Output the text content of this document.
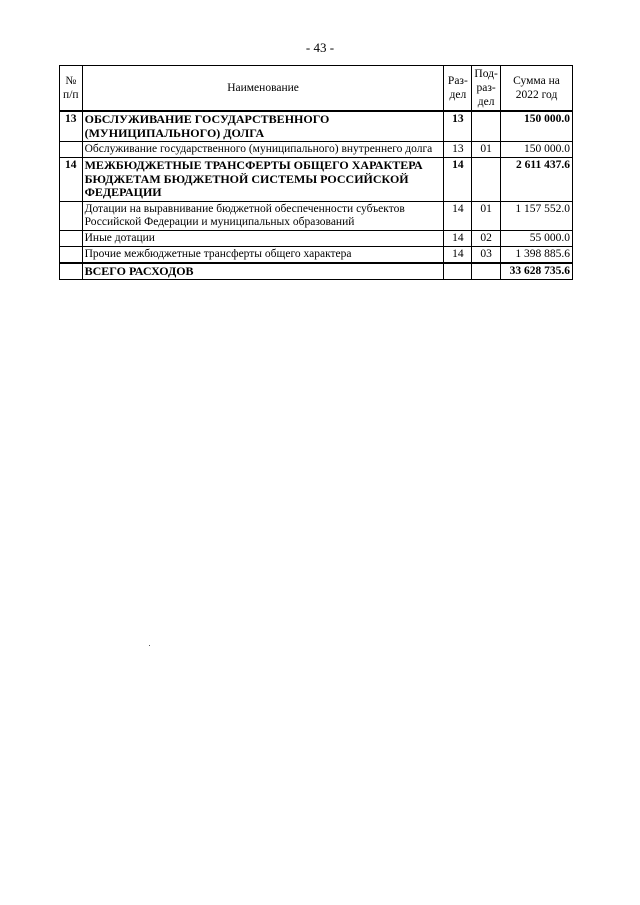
- 43 -
№ п/п	Наименование	Раз-дел	Под-раз-дел	Сумма на 2022 год
13	ОБСЛУЖИВАНИЕ ГОСУДАРСТВЕННОГО (МУНИЦИПАЛЬНОГО) ДОЛГА	13		150 000.0
	Обслуживание государственного (муниципального) внутреннего долга	13	01	150 000.0
14	МЕЖБЮДЖЕТНЫЕ ТРАНСФЕРТЫ ОБЩЕГО ХАРАКТЕРА БЮДЖЕТАМ БЮДЖЕТНОЙ СИСТЕМЫ РОССИЙСКОЙ ФЕДЕРАЦИИ	14		2 611 437.6
	Дотации на выравнивание бюджетной обеспеченности субъектов Российской Федерации и муниципальных образований	14	01	1 157 552.0
	Иные дотации	14	02	55 000.0
	Прочие межбюджетные трансферты общего характера	14	03	1 398 885.6
	ВСЕГО РАСХОДОВ			33 628 735.6
